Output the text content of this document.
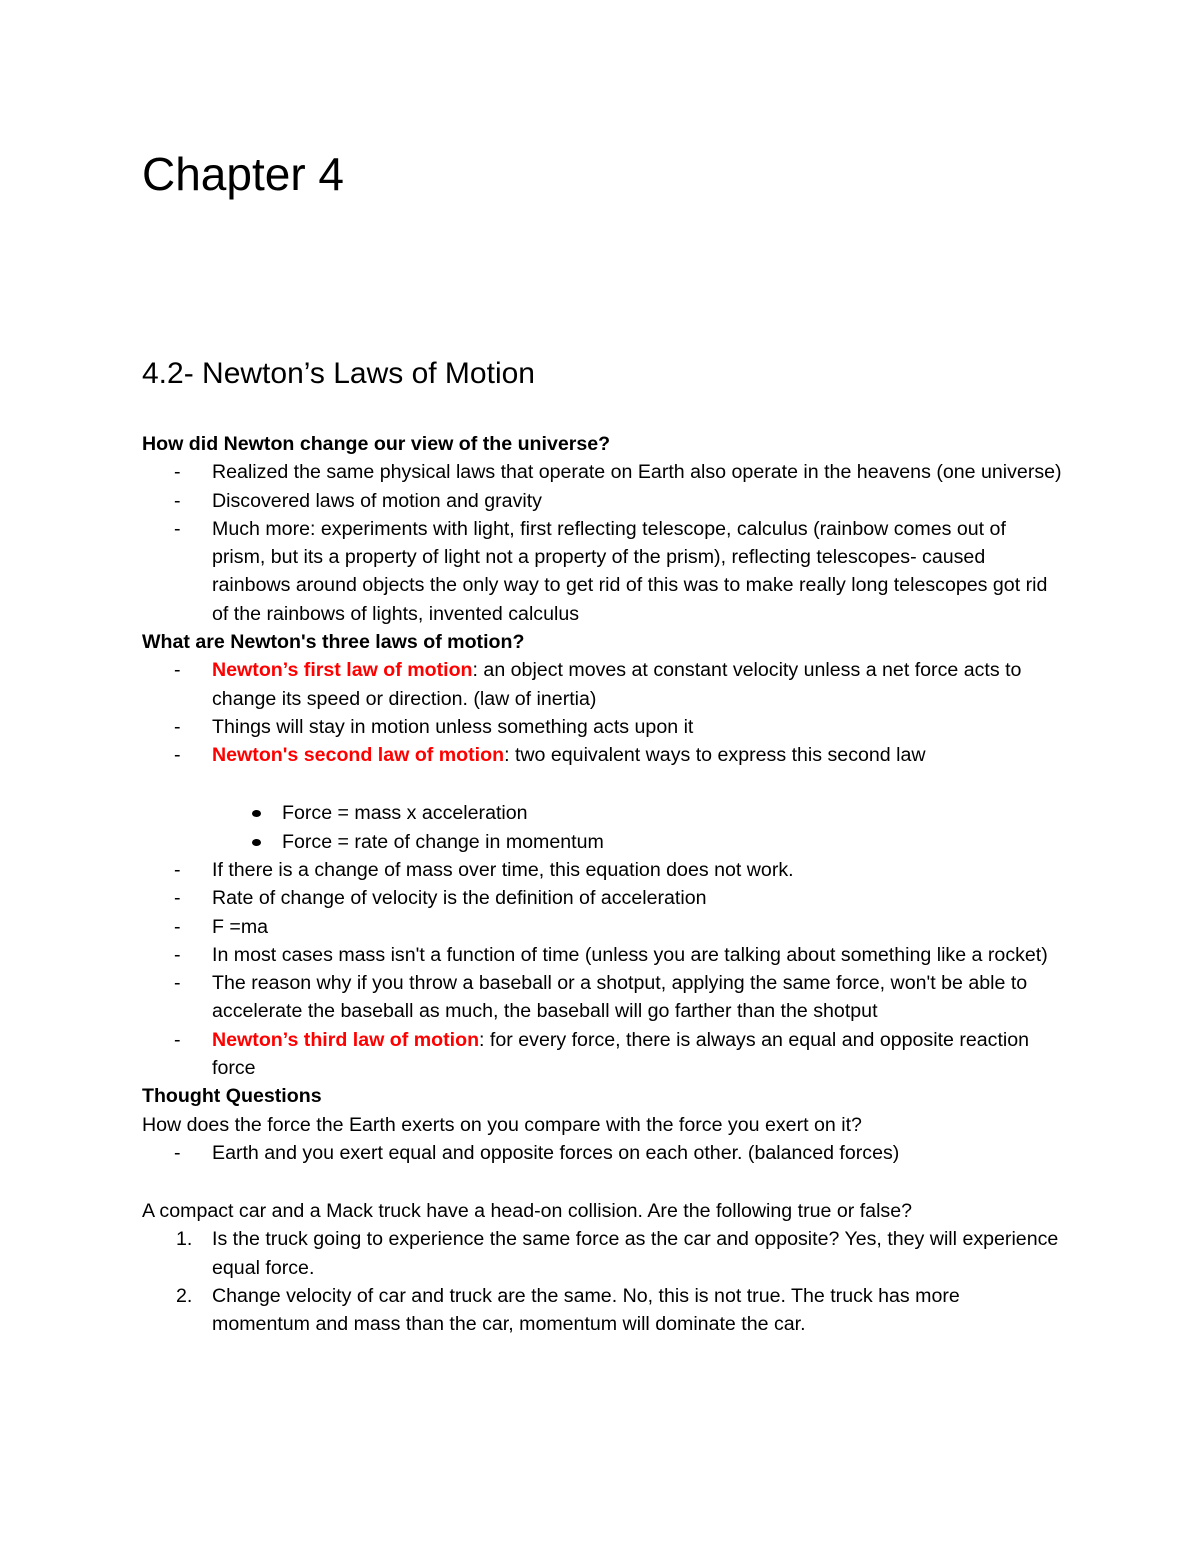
Chapter 4
4.2- Newton’s Laws of Motion

How did Newton change our view of the universe?

-	Realized the same physical laws that operate on Earth also operate in the heavens (one universe)
-	Discovered laws of motion and gravity
-	Much more: experiments with light, first reflecting telescope, calculus (rainbow comes out of prism, but its a property of light not a property of the prism), reflecting telescopes- caused rainbows around objects the only way to get rid of this was to make really long telescopes got rid of the rainbows of lights, invented calculus

What are Newton's three laws of motion?

-	Newton’s first law of motion: an object moves at constant velocity unless a net force acts to change its speed or direction. (law of inertia)
-	Things will stay in motion unless something acts upon it
-	Newton's second law of motion: two equivalent ways to express this second law
Force = mass x acceleration
Force = rate of change in momentum
-	If there is a change of mass over time, this equation does not work.
-	Rate of change of velocity is the definition of acceleration
-	F =ma
-	In most cases mass isn't a function of time (unless you are talking about something like a rocket)
-	The reason why if you throw a baseball or a shotput, applying the same force, won't be able to accelerate the baseball as much, the baseball will go farther than the shotput
-	Newton’s third law of motion: for every force, there is always an equal and opposite reaction force

Thought Questions

How does the force the Earth exerts on you compare with the force you exert on it?

-	Earth and you exert equal and opposite forces on each other. (balanced forces)

A compact car and a Mack truck have a head-on collision. Are the following true or false?

1. Is the truck going to experience the same force as the car and opposite? Yes, they will experience equal force.
2. Change velocity of car and truck are the same. No, this is not true. The truck has more momentum and mass than the car, momentum will dominate the car.
